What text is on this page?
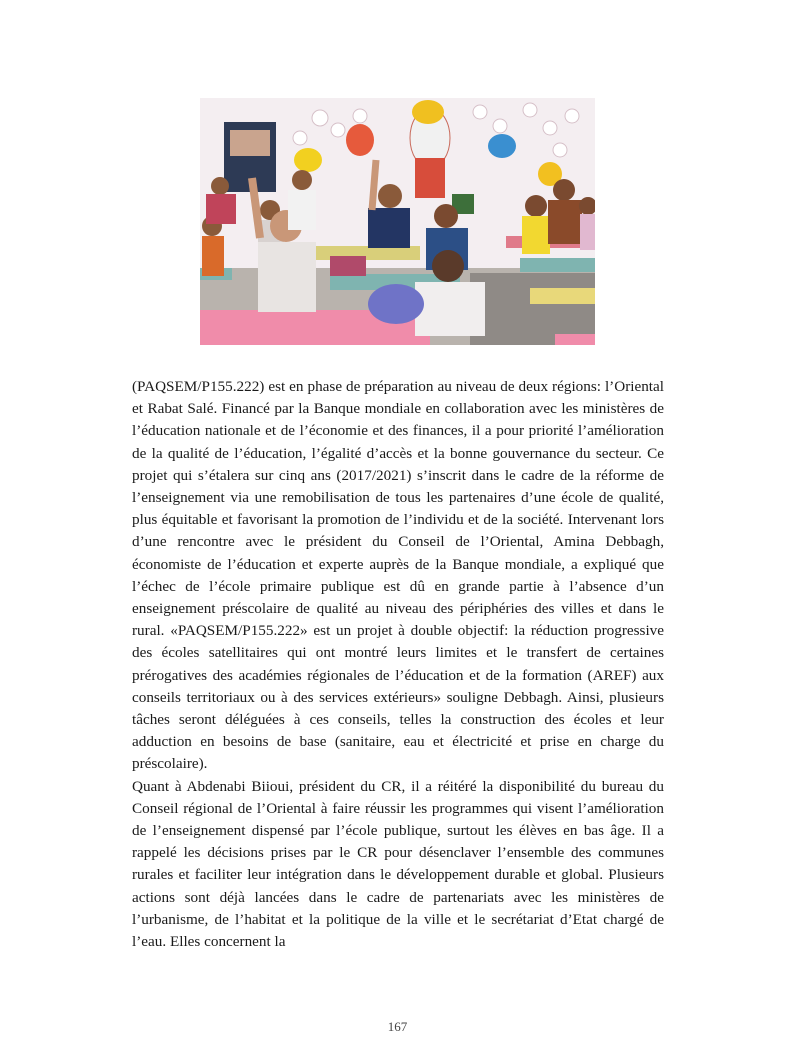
(PAQSEM/P155.222) est en phase de préparation au niveau de deux régions: l’Oriental et Rabat Salé. Financé par la Banque mondiale en collaboration avec les ministères de l’éducation nationale et de l’économie et des finances, il a pour priorité l’amélioration de la qualité de l’éducation, l’égalité d’accès et la bonne gouvernance du secteur. Ce projet qui s’étalera sur cinq ans (2017/2021) s’inscrit dans le cadre de la réforme de l’enseignement via une remobilisation de tous les partenaires d’une école de qualité, plus équitable et favorisant la promotion de l’individu et de la société. Intervenant lors d’une rencontre avec le président du Conseil de l’Oriental, Amina Debbagh, économiste de l’éducation et experte auprès de la Banque mondiale, a expliqué que l’échec de l’école primaire publique est dû en grande partie à l’absence d’un enseignement préscolaire de qualité au niveau des périphéries des villes et dans le rural. «PAQSEM/P155.222» est un projet à double objectif: la réduction progressive des écoles satellitaires qui ont montré leurs limites et le transfert de certaines prérogatives des académies régionales de l’éducation et de la formation (AREF) aux conseils territoriaux ou à des services extérieurs» souligne Debbagh. Ainsi, plusieurs tâches seront déléguées à ces conseils, telles la construction des écoles et leur adduction en besoins de base (sanitaire, eau et électricité et prise en charge du préscolaire).

Quant à Abdenabi Biioui, président du CR, il a réitéré la disponibilité du bureau du Conseil régional de l’Oriental à faire réussir les programmes qui visent l’amélioration de l’enseignement dispensé par l’école publique, surtout les élèves en bas âge. Il a rappelé les décisions prises par le CR pour désenclaver l’ensemble des communes rurales et faciliter leur intégration dans le développement durable et global. Plusieurs actions sont déjà lancées dans le cadre de partenariats avec les ministères de l’urbanisme, de l’habitat et la politique de la ville et le secrétariat d’Etat chargé de l’eau. Elles concernent la

167
